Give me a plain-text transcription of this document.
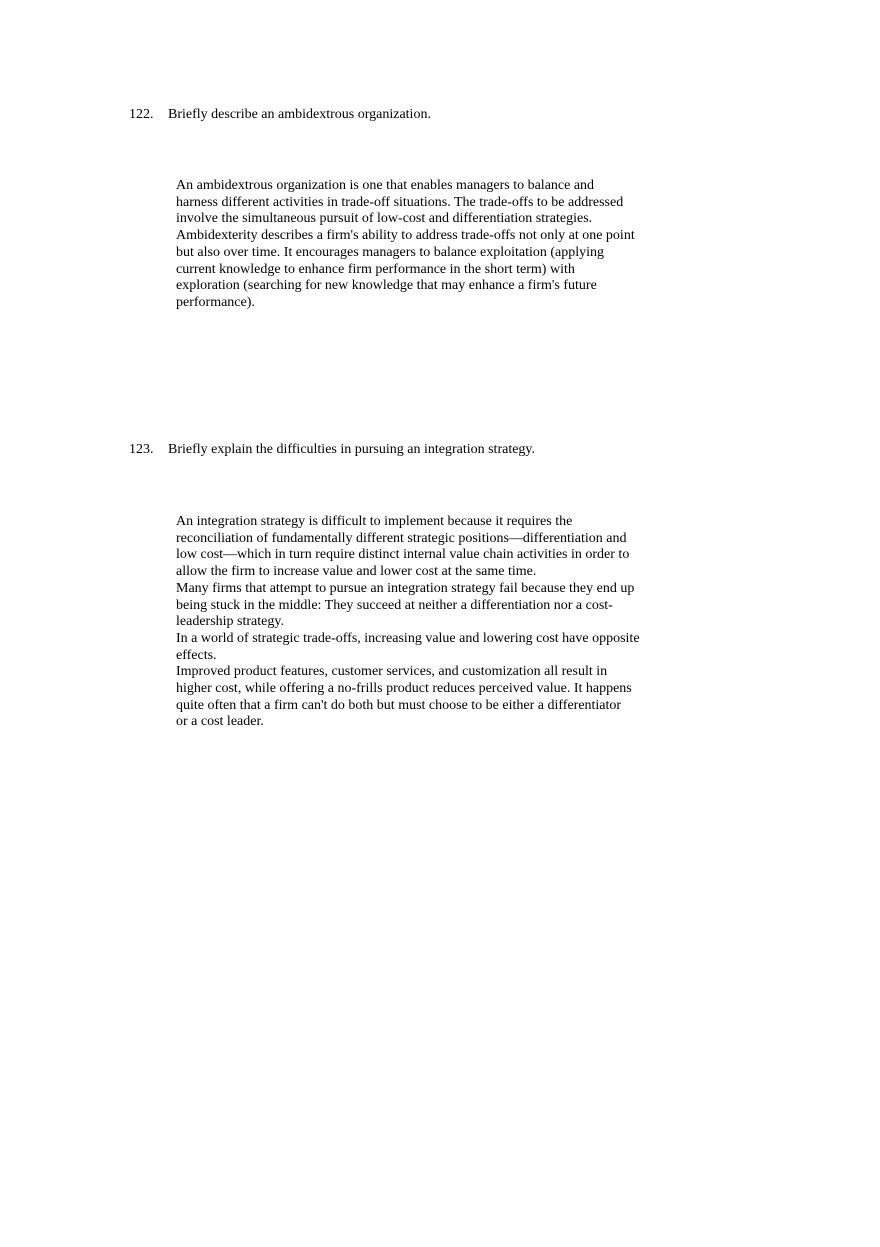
122. Briefly describe an ambidextrous organization.
An ambidextrous organization is one that enables managers to balance and
harness different activities in trade-off situations. The trade-offs to be addressed
involve the simultaneous pursuit of low-cost and differentiation strategies.
Ambidexterity describes a firm's ability to address trade-offs not only at one point
but also over time. It encourages managers to balance exploitation (applying
current knowledge to enhance firm performance in the short term) with
exploration (searching for new knowledge that may enhance a firm's future
performance).
123. Briefly explain the difficulties in pursuing an integration strategy.
An integration strategy is difficult to implement because it requires the
reconciliation of fundamentally different strategic positions—differentiation and
low cost—which in turn require distinct internal value chain activities in order to
allow the firm to increase value and lower cost at the same time.
Many firms that attempt to pursue an integration strategy fail because they end up
being stuck in the middle: They succeed at neither a differentiation nor a cost-
leadership strategy.
In a world of strategic trade-offs, increasing value and lowering cost have opposite
effects.
Improved product features, customer services, and customization all result in
higher cost, while offering a no-frills product reduces perceived value. It happens
quite often that a firm can't do both but must choose to be either a differentiator
or a cost leader.
